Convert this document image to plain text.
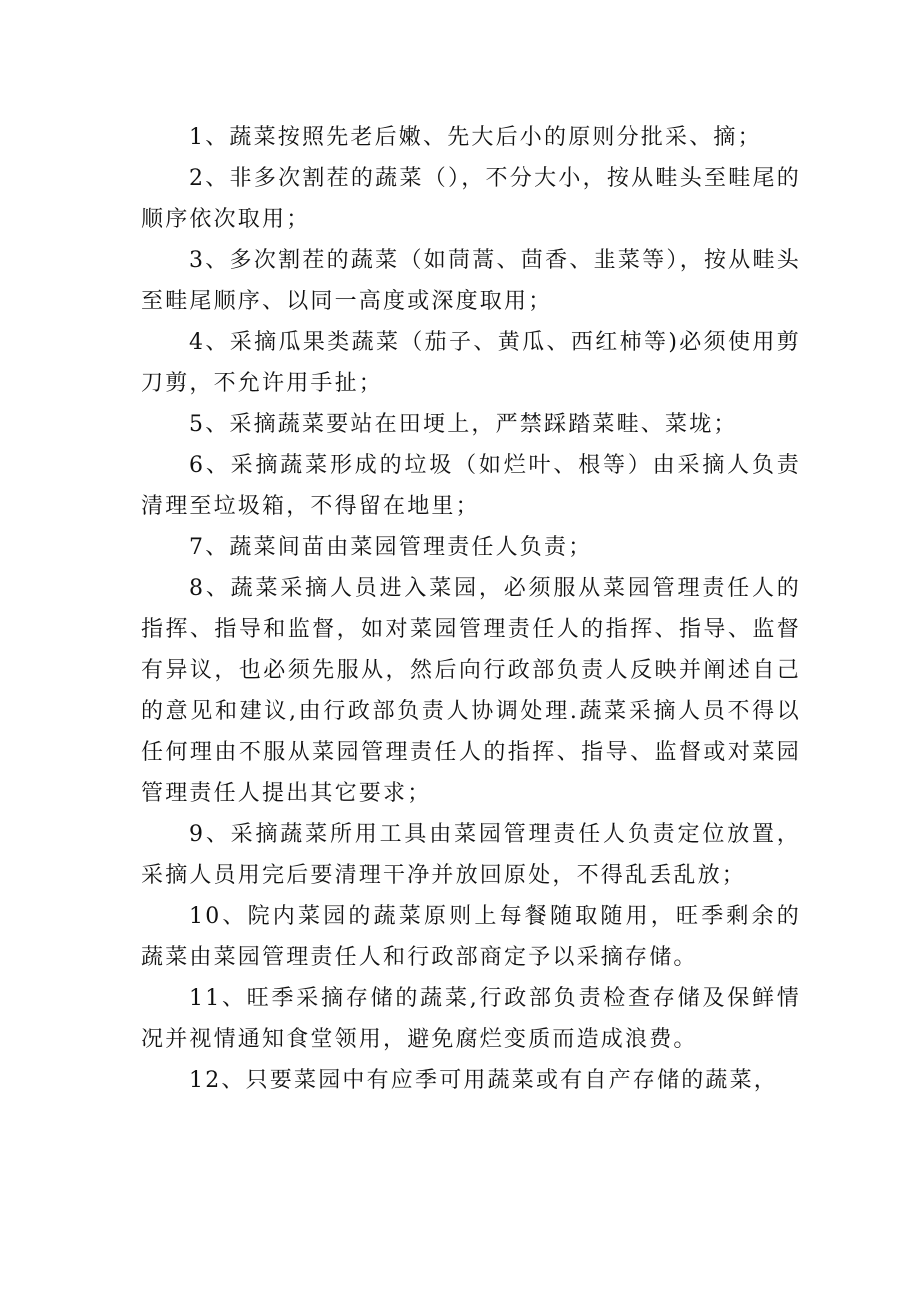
1、蔬菜按照先老后嫩、先大后小的原则分批采、摘；

2、非多次割茬的蔬菜（），不分大小，按从畦头至畦尾的顺序依次取用；

3、多次割茬的蔬菜（如茼蒿、茴香、韭菜等），按从畦头至畦尾顺序、以同一高度或深度取用；

4、采摘瓜果类蔬菜（茄子、黄瓜、西红柿等)必须使用剪刀剪，不允许用手扯；

5、采摘蔬菜要站在田埂上，严禁踩踏菜畦、菜垅；

6、采摘蔬菜形成的垃圾（如烂叶、根等）由采摘人负责清理至垃圾箱，不得留在地里；

7、蔬菜间苗由菜园管理责任人负责；

8、蔬菜采摘人员进入菜园，必须服从菜园管理责任人的指挥、指导和监督，如对菜园管理责任人的指挥、指导、监督有异议，也必须先服从，然后向行政部负责人反映并阐述自己的意见和建议,由行政部负责人协调处理.蔬菜采摘人员不得以任何理由不服从菜园管理责任人的指挥、指导、监督或对菜园管理责任人提出其它要求；

9、采摘蔬菜所用工具由菜园管理责任人负责定位放置，采摘人员用完后要清理干净并放回原处，不得乱丢乱放；

10、院内菜园的蔬菜原则上每餐随取随用，旺季剩余的蔬菜由菜园管理责任人和行政部商定予以采摘存储。

11、旺季采摘存储的蔬菜,行政部负责检查存储及保鲜情况并视情通知食堂领用，避免腐烂变质而造成浪费。

12、只要菜园中有应季可用蔬菜或有自产存储的蔬菜，
